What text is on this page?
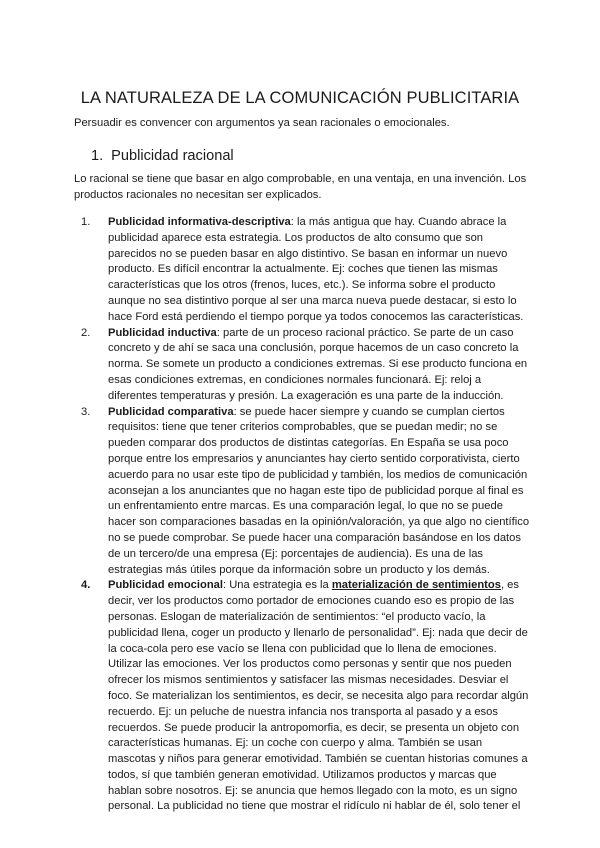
LA NATURALEZA DE LA COMUNICACIÓN PUBLICITARIA

Persuadir es convencer con argumentos ya sean racionales o emocionales.

1. Publicidad racional

Lo racional se tiene que basar en algo comprobable, en una ventaja, en una invención. Los
productos racionales no necesitan ser explicados.

1. Publicidad informativa-descriptiva: la más antigua que hay. Cuando abrace la
publicidad aparece esta estrategia. Los productos de alto consumo que son
parecidos no se pueden basar en algo distintivo. Se basan en informar un nuevo
producto. Es difícil encontrar la actualmente. Ej: coches que tienen las mismas
características que los otros (frenos, luces, etc.). Se informa sobre el producto
aunque no sea distintivo porque al ser una marca nueva puede destacar, si esto lo
hace Ford está perdiendo el tiempo porque ya todos conocemos las características.
2. Publicidad inductiva: parte de un proceso racional práctico. Se parte de un caso
concreto y de ahí se saca una conclusión, porque hacemos de un caso concreto la
norma. Se somete un producto a condiciones extremas. Si ese producto funciona en
esas condiciones extremas, en condiciones normales funcionará. Ej: reloj a
diferentes temperaturas y presión. La exageración es una parte de la inducción.
3. Publicidad comparativa: se puede hacer siempre y cuando se cumplan ciertos
requisitos: tiene que tener criterios comprobables, que se puedan medir; no se
pueden comparar dos productos de distintas categorías. En España se usa poco
porque entre los empresarios y anunciantes hay cierto sentido corporativista, cierto
acuerdo para no usar este tipo de publicidad y también, los medios de comunicación
aconsejan a los anunciantes que no hagan este tipo de publicidad porque al final es
un enfrentamiento entre marcas. Es una comparación legal, lo que no se puede
hacer son comparaciones basadas en la opinión/valoración, ya que algo no científico
no se puede comprobar. Se puede hacer una comparación basándose en los datos
de un tercero/de una empresa (Ej: porcentajes de audiencia). Es una de las
estrategias más útiles porque da información sobre un producto y los demás.
4. Publicidad emocional: Una estrategia es la materialización de sentimientos, es
decir, ver los productos como portador de emociones cuando eso es propio de las
personas. Eslogan de materialización de sentimientos: “el producto vacío, la
publicidad llena, coger un producto y llenarlo de personalidad”. Ej: nada que decir de
la coca-cola pero ese vacío se llena con publicidad que lo llena de emociones.
Utilizar las emociones. Ver los productos como personas y sentir que nos pueden
ofrecer los mismos sentimientos y satisfacer las mismas necesidades. Desviar el
foco. Se materializan los sentimientos, es decir, se necesita algo para recordar algún
recuerdo. Ej: un peluche de nuestra infancia nos transporta al pasado y a esos
recuerdos. Se puede producir la antropomorfia, es decir, se presenta un objeto con
características humanas. Ej: un coche con cuerpo y alma. También se usan
mascotas y niños para generar emotividad. También se cuentan historias comunes a
todos, sí que también generan emotividad. Utilizamos productos y marcas que
hablan sobre nosotros. Ej: se anuncia que hemos llegado con la moto, es un signo
personal. La publicidad no tiene que mostrar el ridículo ni hablar de él, solo tener el
